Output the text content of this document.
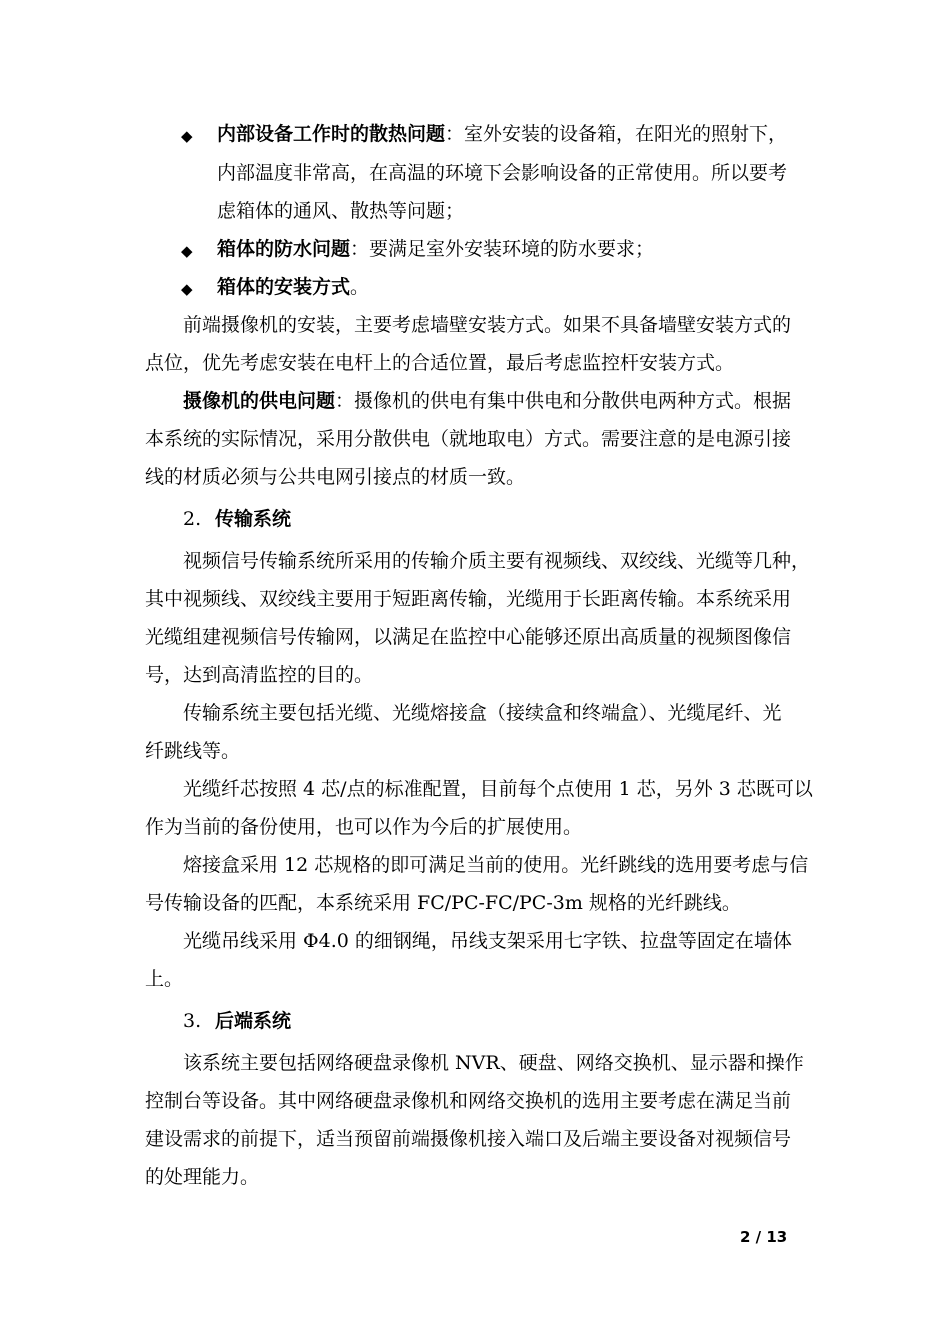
◆ 内部设备工作时的散热问题：室外安装的设备箱，在阳光的照射下，
内部温度非常高，在高温的环境下会影响设备的正常使用。所以要考
虑箱体的通风、散热等问题；
◆ 箱体的防水问题：要满足室外安装环境的防水要求；
◆ 箱体的安装方式。
前端摄像机的安装，主要考虑墙壁安装方式。如果不具备墙壁安装方式的
点位，优先考虑安装在电杆上的合适位置，最后考虑监控杆安装方式。
摄像机的供电问题：摄像机的供电有集中供电和分散供电两种方式。根据
本系统的实际情况，采用分散供电（就地取电）方式。需要注意的是电源引接
线的材质必须与公共电网引接点的材质一致。
2. 传输系统
视频信号传输系统所采用的传输介质主要有视频线、双绞线、光缆等几种，
其中视频线、双绞线主要用于短距离传输，光缆用于长距离传输。本系统采用
光缆组建视频信号传输网，以满足在监控中心能够还原出高质量的视频图像信
号，达到高清监控的目的。
传输系统主要包括光缆、光缆熔接盒（接续盒和终端盒）、光缆尾纤、光
纤跳线等。
光缆纤芯按照 4 芯/点的标准配置，目前每个点使用 1 芯，另外 3 芯既可以
作为当前的备份使用，也可以作为今后的扩展使用。
熔接盒采用 12 芯规格的即可满足当前的使用。光纤跳线的选用要考虑与信
号传输设备的匹配，本系统采用 FC/PC-FC/PC-3m 规格的光纤跳线。
光缆吊线采用 Φ4.0 的细钢绳，吊线支架采用七字铁、拉盘等固定在墙体
上。
3. 后端系统
该系统主要包括网络硬盘录像机 NVR、硬盘、网络交换机、显示器和操作
控制台等设备。其中网络硬盘录像机和网络交换机的选用主要考虑在满足当前
建设需求的前提下，适当预留前端摄像机接入端口及后端主要设备对视频信号
的处理能力。
2 / 13
